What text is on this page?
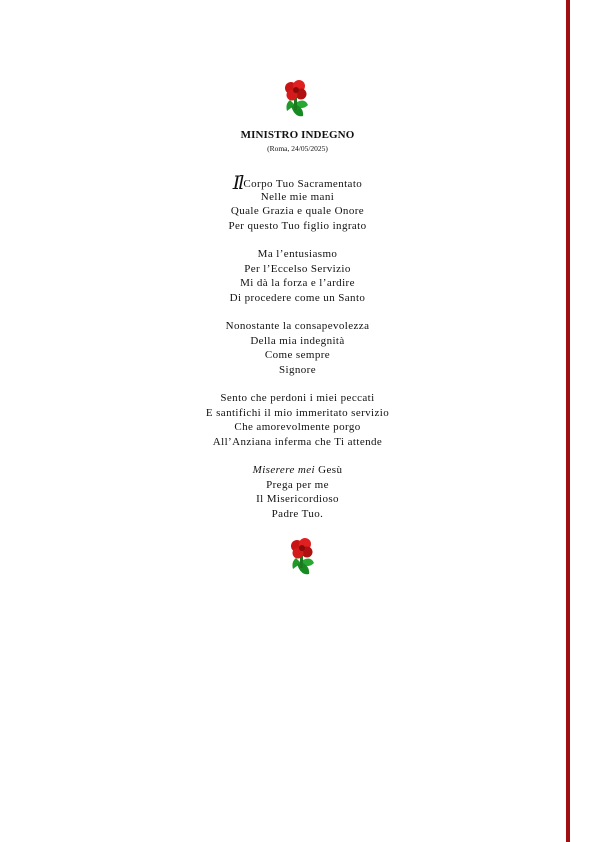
MINISTRO INDEGNO
(Roma, 24/05/2025)
IlCorpo Tuo Sacramentato
Nelle mie mani
Quale Grazia e quale Onore
Per questo Tuo figlio ingrato
Ma l’entusiasmo
Per l’Eccelso Servizio
Mi dà la forza e l’ardire
Di procedere come un Santo
Nonostante la consapevolezza
Della mia indegnità
Come sempre
Signore
Sento che perdoni i miei peccati
E santifichi il mio immeritato servizio
Che amorevolmente porgo
All’Anziana inferma che Ti attende
Miserere mei Gesù
Prega per me
Il Misericordioso
Padre Tuo.
